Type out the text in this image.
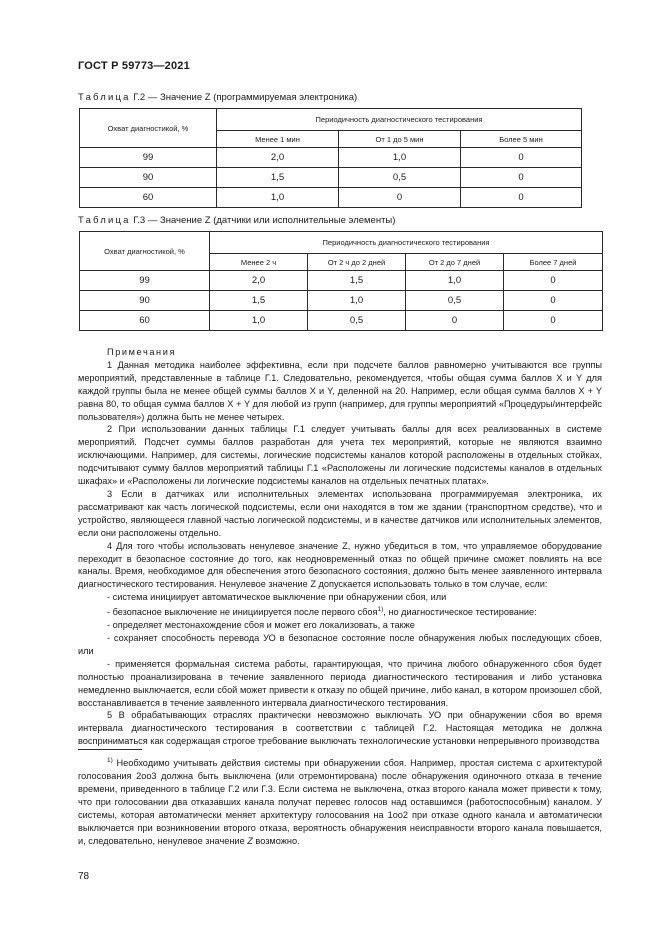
ГОСТ Р 59773—2021
Таблица Г.2 — Значение Z (программируемая электроника)
Охват диагностикой, %	Периодичность диагностического тестирования		
	Менее 1 мин	От 1 до 5 мин	Более 5 мин
99	2,0	1,0	0
90	1,5	0,5	0
60	1,0	0	0
Таблица Г.3 — Значение Z (датчики или исполнительные элементы)
Охват диагностикой, %	Периодичность диагностического тестирования			
	Менее 2 ч	От 2 ч до 2 дней	От 2 до 7 дней	Более 7 дней
99	2,0	1,5	1,0	0
90	1,5	1,0	0,5	0
60	1,0	0,5	0	0

Примечания

1 Данная методика наиболее эффективна, если при подсчете баллов равномерно учитываются все группы мероприятий, представленные в таблице Г.1. Следовательно, рекомендуется, чтобы общая сумма баллов X и Y для каждой группы была не менее общей суммы баллов X и Y, деленной на 20. Например, если общая сумма баллов X + Y равна 80, то общая сумма баллов X + Y для любой из групп (например, для группы мероприятий «Процедуры/интерфейс пользователя») должна быть не менее четырех.

2 При использовании данных таблицы Г.1 следует учитывать баллы для всех реализованных в системе мероприятий. Подсчет суммы баллов разработан для учета тех мероприятий, которые не являются взаимно исключающими. Например, для системы, логические подсистемы каналов которой расположены в отдельных стойках, подсчитывают сумму баллов мероприятий таблицы Г.1 «Расположены ли логические подсистемы каналов в отдельных шкафах» и «Расположены ли логические подсистемы каналов на отдельных печатных платах».

3 Если в датчиках или исполнительных элементах использована программируемая электроника, их рассматривают как часть логической подсистемы, если они находятся в том же здании (транспортном средстве), что и устройство, являющееся главной частью логической подсистемы, и в качестве датчиков или исполнительных элементов, если они расположены отдельно.

4 Для того чтобы использовать ненулевое значение Z, нужно убедиться в том, что управляемое оборудование переходит в безопасное состояние до того, как неодновременный отказ по общей причине сможет повлиять на все каналы. Время, необходимое для обеспечения этого безопасного состояния, должно быть менее заявленного интервала диагностического тестирования. Ненулевое значение Z допускается использовать только в том случае, если:

- система инициирует автоматическое выключение при обнаружении сбоя, или

- безопасное выключение не инициируется после первого сбоя$^{1)}$, но диагностическое тестирование:

- определяет местонахождение сбоя и может его локализовать, а также

- сохраняет способность перевода УО в безопасное состояние после обнаружения любых последующих сбоев, или

- применяется формальная система работы, гарантирующая, что причина любого обнаруженного сбоя будет полностью проанализирована в течение заявленного периода диагностического тестирования и либо установка немедленно выключается, если сбой может привести к отказу по общей причине, либо канал, в котором произошел сбой, восстанавливается в течение заявленного интервала диагностического тестирования.

5 В обрабатывающих отраслях практически невозможно выключать УО при обнаружении сбоя во время интервала диагностического тестирования в соответствии с таблицей Г.2. Настоящая методика не должна восприниматься как содержащая строгое требование выключать технологические установки непрерывного производства

$^{1)}$ Необходимо учитывать действия системы при обнаружении сбоя. Например, простая система с архитектурой голосования 2оо3 должна быть выключена (или отремонтирована) после обнаружения одиночного отказа в течение времени, приведенного в таблице Г.2 или Г.3. Если система не выключена, отказ второго канала может привести к тому, что при голосовании два отказавших канала получат перевес голосов над оставшимся (работоспособным) каналом. У системы, которая автоматически меняет архитектуру голосования на 1оо2 при отказе одного канала и автоматически выключается при возникновении второго отказа, вероятность обнаружения неисправности второго канала повышается, и, следовательно, ненулевое значение Z возможно.

78
